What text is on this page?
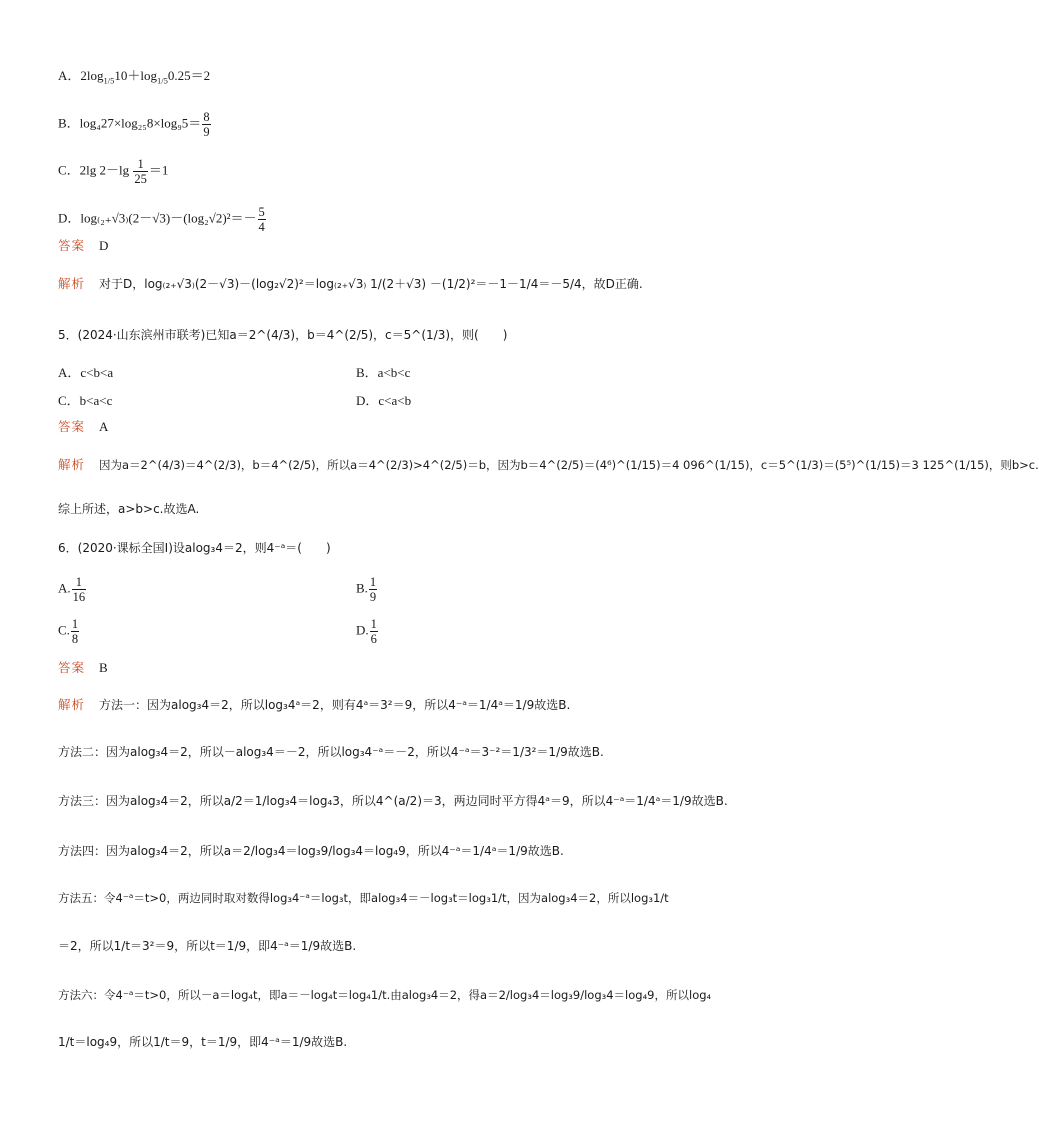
A．$2\log_{1/5}10+\log_{1/5}0.25=2$
B．$\log_427\times\log_{25}8\times\log_95= \frac{8}{9}$
C．2lg $2-\lg \frac{1}{25} =1$
D．$\log_{(2+}√3_)(2-√3)-(\log_2√2)^2=- \frac{5}{4}$
答案 D
解析 对于D，log₍₂₊√3₎(2－√3)－(log₂√2)²＝log₍₂₊√3₎ 1/(2＋√3) －(1/2)²＝－1－1/4＝－5/4，故D正确.
5．(2024·山东滨州市联考)已知a＝2^(4/3)，b＝4^(2/5)，c＝5^(1/3)，则(　　)
A．c<b<a	B．a<b<c
C．b<a<c	D．c<a<b
答案 A
解析 因为a＝2^(4/3)＝4^(2/3)，b＝4^(2/5)，所以a＝4^(2/3)>4^(2/5)＝b，因为b＝4^(2/5)＝(4⁶)^(1/15)＝4 096^(1/15)，c＝5^(1/3)＝(5⁵)^(1/15)＝3 125^(1/15)，则b>c.
综上所述，a>b>c.故选A.
6．(2020·课标全国Ⅰ)设alog₃4＝2，则4⁻ᵃ＝(　　)
A. $\frac{1}{16}$	B. $\frac{1}{9}$
C. $\frac{1}{8}$	D. $\frac{1}{6}$
答案 B
解析 方法一：因为alog₃4＝2，所以log₃4ᵃ＝2，则有4ᵃ＝3²＝9，所以4⁻ᵃ＝1/4ᵃ＝1/9故选B.
方法二：因为alog₃4＝2，所以－alog₃4＝－2，所以log₃4⁻ᵃ＝－2，所以4⁻ᵃ＝3⁻²＝1/3²＝1/9故选B.
方法三：因为alog₃4＝2，所以a/2＝1/log₃4＝log₄3，所以4^(a/2)＝3，两边同时平方得4ᵃ＝9，所以4⁻ᵃ＝1/4ᵃ＝1/9故选B.
方法四：因为alog₃4＝2，所以a＝2/log₃4＝log₃9/log₃4＝log₄9，所以4⁻ᵃ＝1/4ᵃ＝1/9故选B.
方法五：令4⁻ᵃ＝t>0，两边同时取对数得log₃4⁻ᵃ＝log₃t，即alog₃4＝－log₃t＝log₃1/t，因为alog₃4＝2，所以log₃1/t
＝2，所以1/t＝3²＝9，所以t＝1/9，即4⁻ᵃ＝1/9故选B.
方法六：令4⁻ᵃ＝t>0，所以－a＝log₄t，即a＝－log₄t＝log₄1/t.由alog₃4＝2，得a＝2/log₃4＝log₃9/log₃4＝log₄9，所以log₄
1/t＝log₄9，所以1/t＝9，t＝1/9，即4⁻ᵃ＝1/9故选B.
